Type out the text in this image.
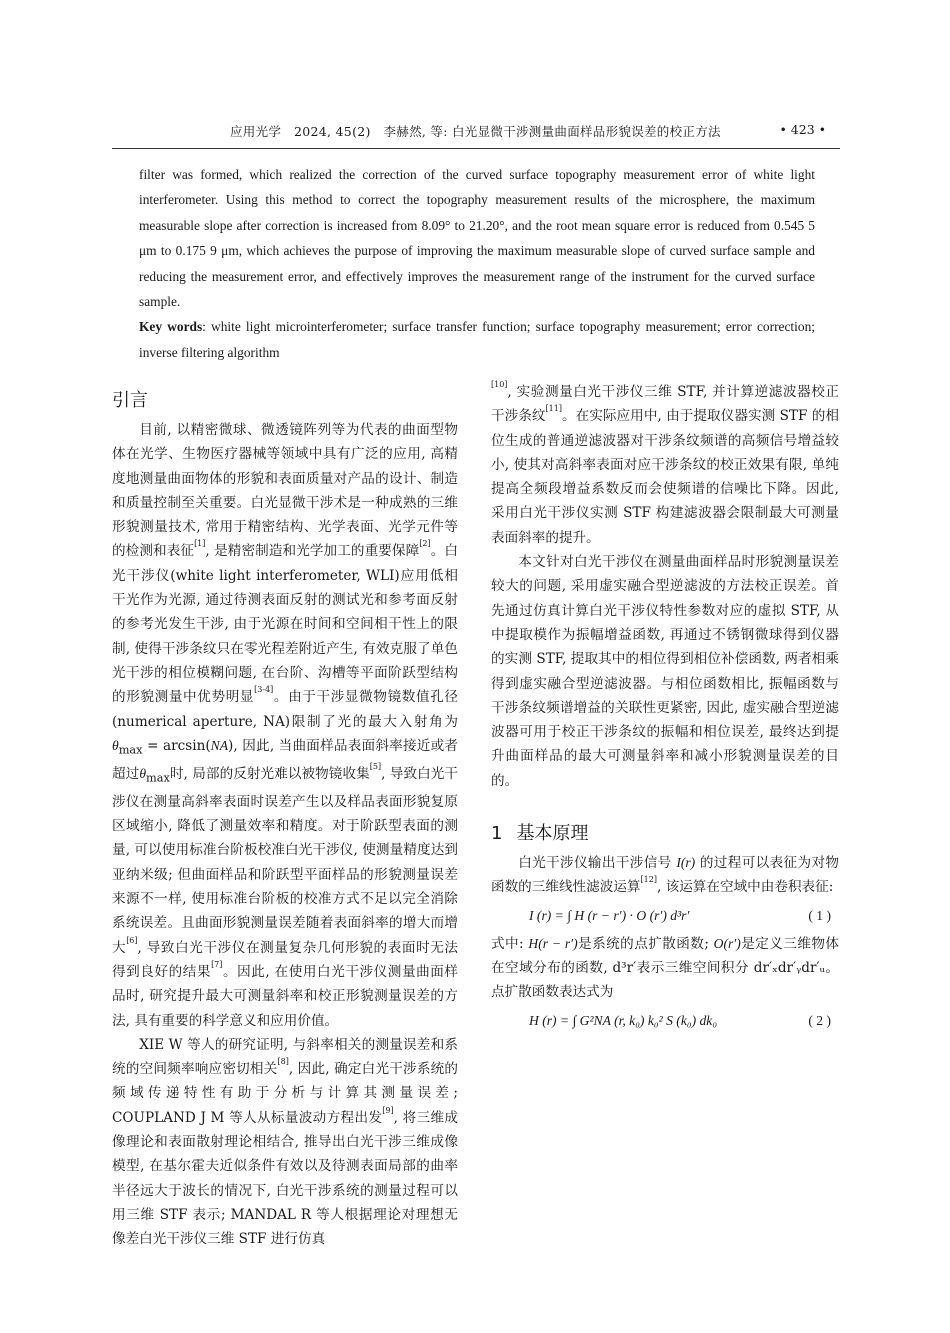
应用光学　2024, 45(2)　李赫然, 等: 白光显微干涉测量曲面样品形貌误差的校正方法	• 423 •

filter was formed, which realized the correction of the curved surface topography measurement error of white light interferometer. Using this method to correct the topography measurement results of the microsphere, the maximum measurable slope after correction is increased from 8.09° to 21.20°, and the root mean square error is reduced from 0.545 5 μm to 0.175 9 μm, which achieves the purpose of improving the maximum measurable slope of curved surface sample and reducing the measurement error, and effectively improves the measurement range of the instrument for the curved surface sample.

Key words: white light microinterferometer; surface transfer function; surface topography measurement; error correction; inverse filtering algorithm

引言

目前, 以精密微球、微透镜阵列等为代表的曲面型物体在光学、生物医疗器械等领域中具有广泛的应用, 高精度地测量曲面物体的形貌和表面质量对产品的设计、制造和质量控制至关重要。白光显微干涉术是一种成熟的三维形貌测量技术, 常用于精密结构、光学表面、光学元件等的检测和表征[1], 是精密制造和光学加工的重要保障[2]。白光干涉仪(white light interferometer, WLI)应用低相干光作为光源, 通过待测表面反射的测试光和参考面反射的参考光发生干涉, 由于光源在时间和空间相干性上的限制, 使得干涉条纹只在零光程差附近产生, 有效克服了单色光干涉的相位模糊问题, 在台阶、沟槽等平面阶跃型结构的形貌测量中优势明显[3-4]。由于干涉显微物镜数值孔径(numerical aperture, NA)限制了光的最大入射角为$\theta_{max} = \arcsin(NA)$, 因此, 当曲面样品表面斜率接近或者超过$\theta_{max}$时, 局部的反射光难以被物镜收集[5], 导致白光干涉仪在测量高斜率表面时误差产生以及样品表面形貌复原区域缩小, 降低了测量效率和精度。对于阶跃型表面的测量, 可以使用标准台阶板校准白光干涉仪, 使测量精度达到亚纳米级; 但曲面样品和阶跃型平面样品的形貌测量误差来源不一样, 使用标准台阶板的校准方式不足以完全消除系统误差。且曲面形貌测量误差随着表面斜率的增大而增大[6], 导致白光干涉仪在测量复杂几何形貌的表面时无法得到良好的结果[7]。因此, 在使用白光干涉仪测量曲面样品时, 研究提升最大可测量斜率和校正形貌测量误差的方法, 具有重要的科学意义和应用价值。

XIE W 等人的研究证明, 与斜率相关的测量误差和系统的空间频率响应密切相关[8], 因此, 确定白光干涉系统的频域传递特性有助于分析与计算其测量误差; COUPLAND J M 等人从标量波动方程出发[9], 将三维成像理论和表面散射理论相结合, 推导出白光干涉三维成像模型, 在基尔霍夫近似条件有效以及待测表面局部的曲率半径远大于波长的情况下, 白光干涉系统的测量过程可以用三维 STF 表示; MANDAL R 等人根据理论对理想无像差白光干涉仪三维 STF 进行仿真

[10], 实验测量白光干涉仪三维 STF, 并计算逆滤波器校正干涉条纹[11]。在实际应用中, 由于提取仪器实测 STF 的相位生成的普通逆滤波器对干涉条纹频谱的高频信号增益较小, 使其对高斜率表面对应干涉条纹的校正效果有限, 单纯提高全频段增益系数反而会使频谱的信噪比下降。因此, 采用白光干涉仪实测 STF 构建滤波器会限制最大可测量表面斜率的提升。

本文针对白光干涉仪在测量曲面样品时形貌测量误差较大的问题, 采用虚实融合型逆滤波的方法校正误差。首先通过仿真计算白光干涉仪特性参数对应的虚拟 STF, 从中提取模作为振幅增益函数, 再通过不锈钢微球得到仪器的实测 STF, 提取其中的相位得到相位补偿函数, 两者相乘得到虚实融合型逆滤波器。与相位函数相比, 振幅函数与干涉条纹频谱增益的关联性更紧密, 因此, 虚实融合型逆滤波器可用于校正干涉条纹的振幅和相位误差, 最终达到提升曲面样品的最大可测量斜率和减小形貌测量误差的目的。

1 基本原理

白光干涉仪输出干涉信号 I(r) 的过程可以表征为对物函数的三维线性滤波运算[12], 该运算在空域中由卷积表征:

I (r) = ∫ H (r − r′) · O (r′) d³r′	( 1 )

式中: H(r − r′)是系统的点扩散函数; O(r′)是定义三维物体在空域分布的函数, d³r′表示三维空间积分 dr′ₓdr′ᵧdr′ᵤ。点扩散函数表达式为

H (r) = ∫ G²NA (r, k₀) k₀² S (k₀) dk₀	( 2 )
